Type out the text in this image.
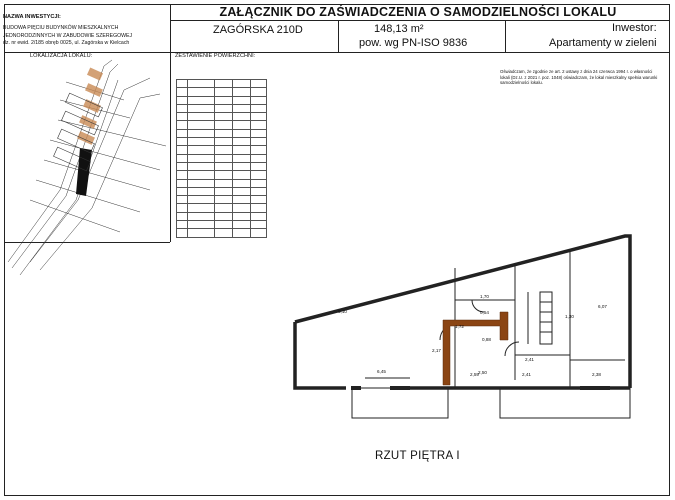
ZAŁĄCZNIK DO ZAŚWIADCZENIA O SAMODZIELNOŚCI LOKALU
ZAGÓRSKA 210D	148,13 m²
pow. wg PN-ISO 9836
Inwestor:
Apartamenty w zieleni
NAZWA INWESTYCJI:
BUDOWA PIĘCIU BUDYNKÓW MIESZKALNYCH
JEDNORODZINNYCH W ZABUDOWIE SZEREGOWEJ
dz. nr ewid. 2/185 obręb 0025, ul. Zagórska w Kielcach
LOKALIZACJA LOKALU:	ZESTAWIENIE POWIERZCHNI:

Oświadczam, że zgodnie ze art. 2 ustawy z dnia 24 czerwca 1994 r. o własności lokali (Dz.U. z 2021 r. poz. 1048) oświadczam, że lokal mieszkalny spełnia warunki samodzielności lokalu.
6,10
6,07
1,72
0,88
2,41
1,70
2,50
6,45
2,59	2,41	2,38
1,30
2,17
0,54
RZUT PIĘTRA I
